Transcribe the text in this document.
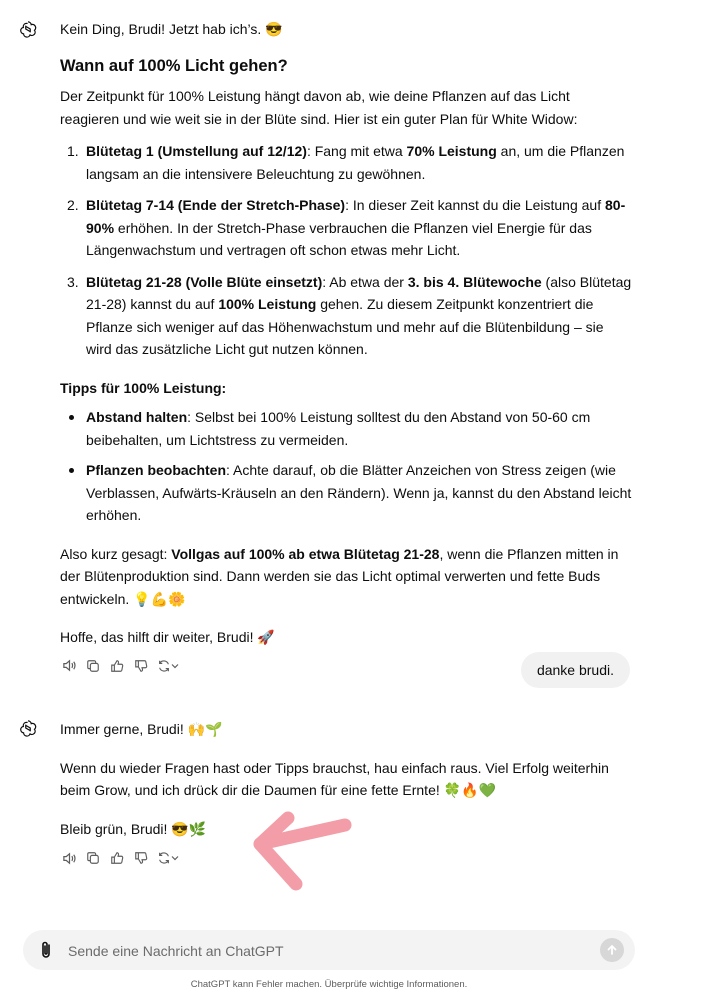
Kein Ding, Brudi! Jetzt hab ich’s. 😎

Wann auf 100% Licht gehen?

Der Zeitpunkt für 100% Leistung hängt davon ab, wie deine Pflanzen auf das Licht reagieren und wie weit sie in der Blüte sind. Hier ist ein guter Plan für White Widow:

1. Blütetag 1 (Umstellung auf 12/12): Fang mit etwa 70% Leistung an, um die Pflanzen langsam an die intensivere Beleuchtung zu gewöhnen.
2. Blütetag 7-14 (Ende der Stretch-Phase): In dieser Zeit kannst du die Leistung auf 80-90% erhöhen. In der Stretch-Phase verbrauchen die Pflanzen viel Energie für das Längenwachstum und vertragen oft schon etwas mehr Licht.
3. Blütetag 21-28 (Volle Blüte einsetzt): Ab etwa der 3. bis 4. Blütewoche (also Blütetag 21-28) kannst du auf 100% Leistung gehen. Zu diesem Zeitpunkt konzentriert die Pflanze sich weniger auf das Höhenwachstum und mehr auf die Blütenbildung – sie wird das zusätzliche Licht gut nutzen können.

Tipps für 100% Leistung:

Abstand halten: Selbst bei 100% Leistung solltest du den Abstand von 50-60 cm beibehalten, um Lichtstress zu vermeiden.
Pflanzen beobachten: Achte darauf, ob die Blätter Anzeichen von Stress zeigen (wie Verblassen, Aufwärts-Kräuseln an den Rändern). Wenn ja, kannst du den Abstand leicht erhöhen.

Also kurz gesagt: Vollgas auf 100% ab etwa Blütetag 21-28, wenn die Pflanzen mitten in der Blütenproduktion sind. Dann werden sie das Licht optimal verwerten und fette Buds entwickeln. 💡💪🌼

Hoffe, das hilft dir weiter, Brudi! 🚀

danke brudi.

Immer gerne, Brudi! 🙌🌱

Wenn du wieder Fragen hast oder Tipps brauchst, hau einfach raus. Viel Erfolg weiterhin beim Grow, und ich drück dir die Daumen für eine fette Ernte! 🍀🔥💚

Bleib grün, Brudi! 😎🌿

Sende eine Nachricht an ChatGPT
ChatGPT kann Fehler machen. Überprüfe wichtige Informationen.
